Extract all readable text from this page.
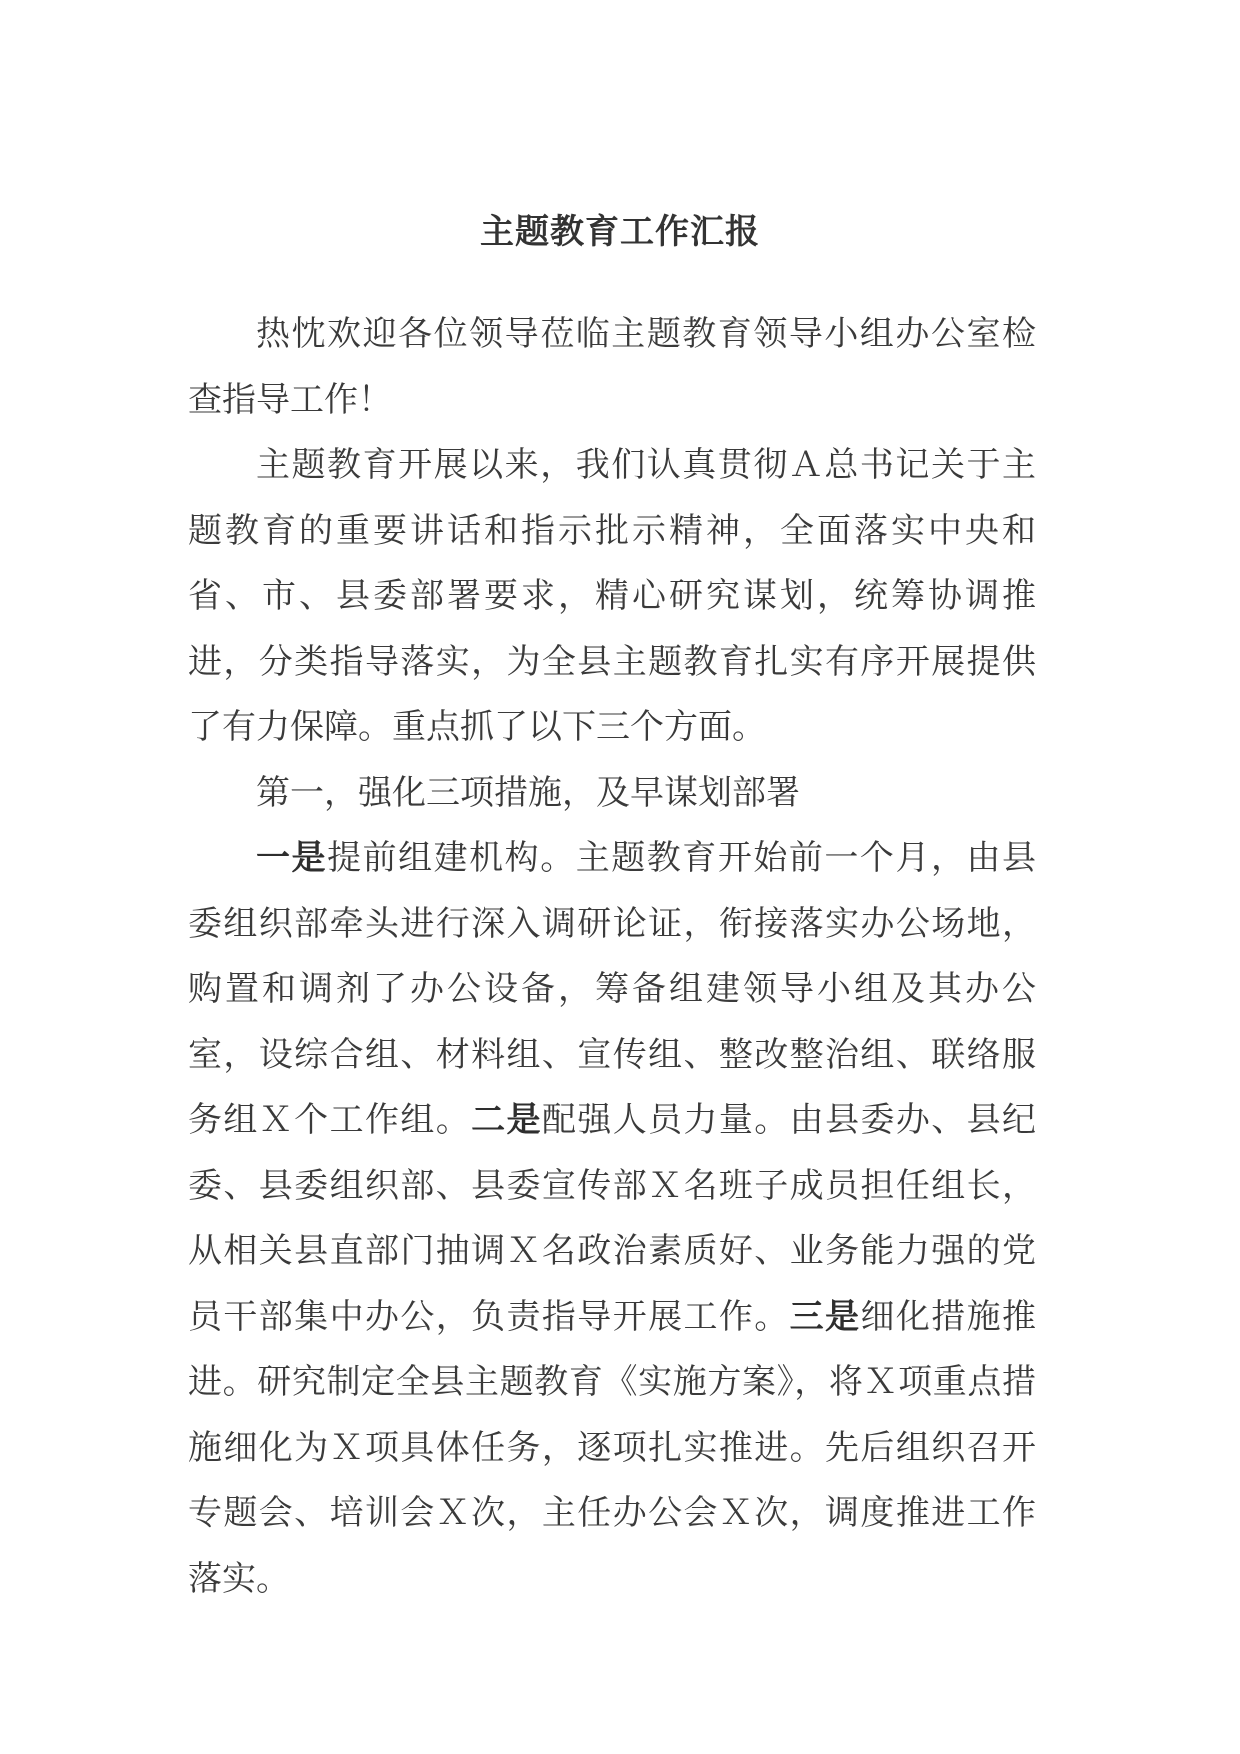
主题教育工作汇报

热忱欢迎各位领导莅临主题教育领导小组办公室检查指导工作！

主题教育开展以来，我们认真贯彻Ａ总书记关于主题教育的重要讲话和指示批示精神，全面落实中央和省、市、县委部署要求，精心研究谋划，统筹协调推进，分类指导落实，为全县主题教育扎实有序开展提供了有力保障。重点抓了以下三个方面。

第一，强化三项措施，及早谋划部署

一是提前组建机构。主题教育开始前一个月，由县委组织部牵头进行深入调研论证，衔接落实办公场地，购置和调剂了办公设备，筹备组建领导小组及其办公室，设综合组、材料组、宣传组、整改整治组、联络服务组Ｘ个工作组。二是配强人员力量。由县委办、县纪委、县委组织部、县委宣传部Ｘ名班子成员担任组长，从相关县直部门抽调Ｘ名政治素质好、业务能力强的党员干部集中办公，负责指导开展工作。三是细化措施推进。研究制定全县主题教育《实施方案》，将Ｘ项重点措施细化为Ｘ项具体任务，逐项扎实推进。先后组织召开专题会、培训会Ｘ次，主任办公会Ｘ次，调度推进工作落实。
